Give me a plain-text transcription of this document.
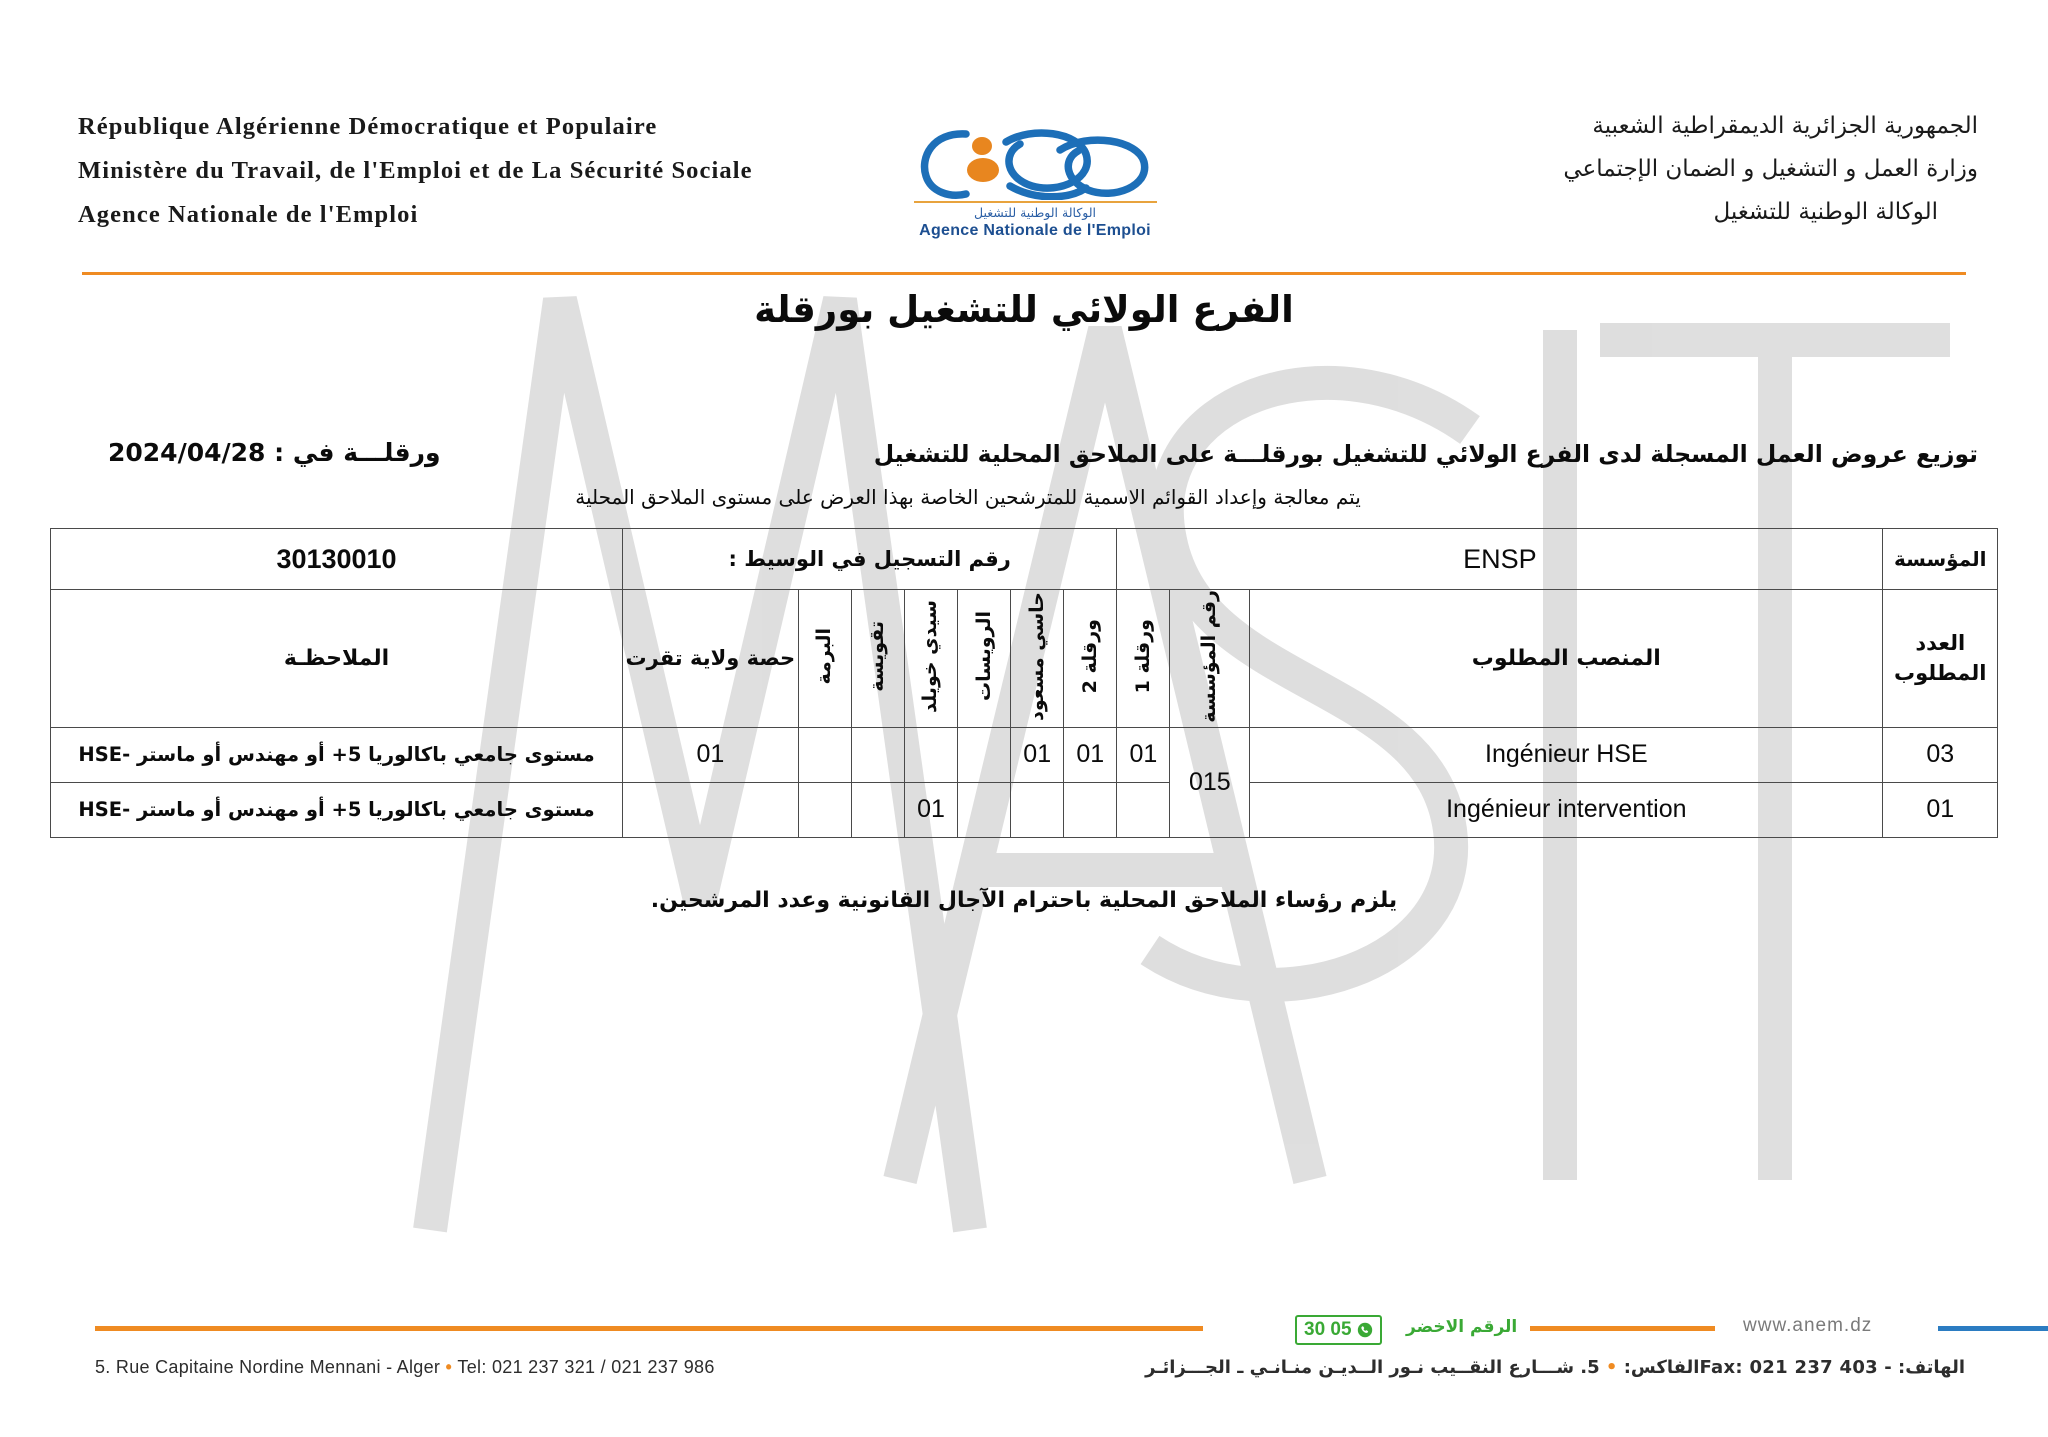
République Algérienne Démocratique et Populaire
Ministère du Travail, de l'Emploi et de La Sécurité Sociale
Agence Nationale de l'Emploi
الجمهورية الجزائرية الديمقراطية الشعبية
وزارة العمل و التشغيل و الضمان الإجتماعي
الوكالة الوطنية للتشغيل
الوكالة الوطنية للتشغيل
Agence Nationale de l'Emploi
الفرع الولائي للتشغيل بورقلة
توزيع عروض العمل المسجلة لدى الفرع الولائي للتشغيل بورقلـــة على الملاحق المحلية للتشغيل
ورقلـــة في : 2024/04/28
يتم معالجة وإعداد القوائم الاسمية للمترشحين الخاصة بهذا العرض على مستوى الملاحق المحلية
30130010	رقم التسجيل في الوسيط :							ENSP			المؤسسة
الملاحظـة	حصة ولاية تقرت	البرمة	تقويسة	سيدي خويلد	الرويسات	حاسي مسعود	ورقلة 2	ورقلة 1	رقم المؤسسة	المنصب المطلوب	العدد المطلوب
مستوى جامعي باكالوريا 5+ أو مهندس أو ماستر -HSE	01					01	01	01	015	Ingénieur HSE	03
مستوى جامعي باكالوريا 5+ أو مهندس أو ماستر -HSE				01						Ingénieur intervention	01
يلزم رؤساء الملاحق المحلية باحترام الآجال القانونية وعدد المرشحين.
30 05	الرقم الاخضر	www.anem.dz
5. Rue Capitaine Nordine Mennani - Alger • Tel: 021 237 321 / 021 237 986	الهاتف: - Fax: 021 237 403الفاكس: • 5. شـــارع النقــيب نـور الــديـن منـانـي ـ الجـــزائـر
